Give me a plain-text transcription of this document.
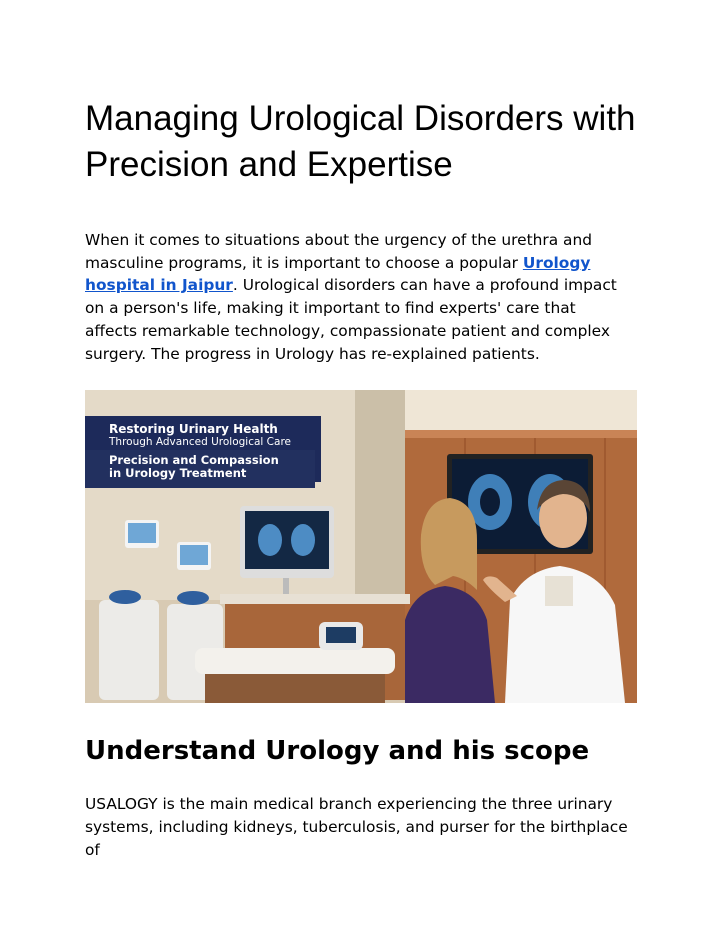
Managing Urological Disorders with Precision and Expertise

When it comes to situations about the urgency of the urethra and masculine programs, it is important to choose a popular Urology hospital in Jaipur. Urological disorders can have a profound impact on a person's life, making it important to find experts' care that affects remarkable technology, compassionate patient and complex surgery. The progress in Urology has re-explained patients.

Restoring Urinary Health
Through Advanced Urological Care
Precision and Compassion
in Urology Treatment
Understand Urology and his scope

USALOGY is the main medical branch experiencing the three urinary systems, including kidneys, tuberculosis, and purser for the birthplace of
